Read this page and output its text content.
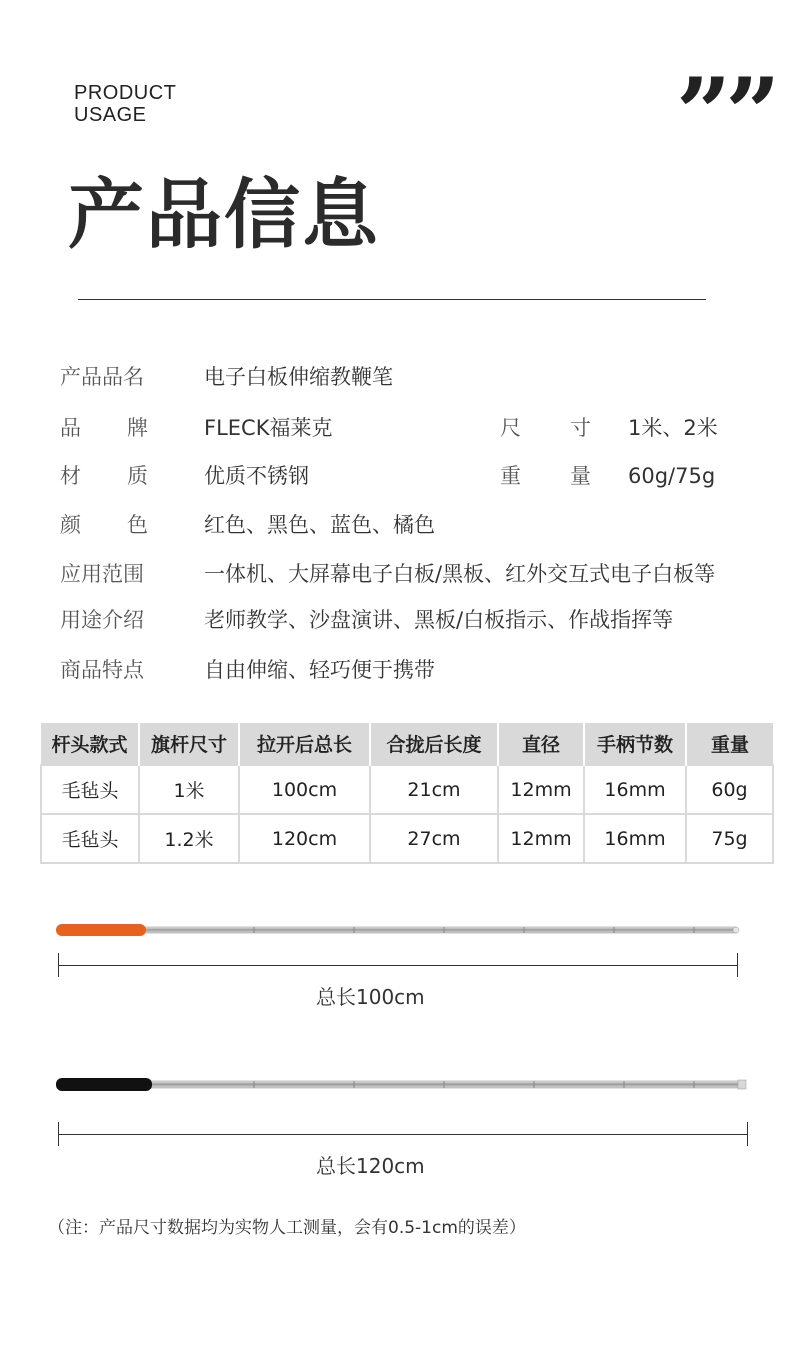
PRODUCT
USAGE	””
产品信息
产品品名	电子白板伸缩教鞭笔
品 牌	FLECK福莱克	尺 寸 1米、2米
材 质	优质不锈钢	重 量 60g/75g
颜 色	红色、黑色、蓝色、橘色
应用范围	一体机、大屏幕电子白板/黑板、红外交互式电子白板等
用途介绍	老师教学、沙盘演讲、黑板/白板指示、作战指挥等
商品特点	自由伸缩、轻巧便于携带
杆头款式	旗杆尺寸	拉开后总长	合拢后长度	直径	手柄节数	重量
毛毡头	1米	100cm	21cm	12mm	16mm	60g
毛毡头	1.2米	120cm	27cm	12mm	16mm	75g
总长100cm
总长120cm
（注：产品尺寸数据均为实物人工测量，会有0.5-1cm的误差）
